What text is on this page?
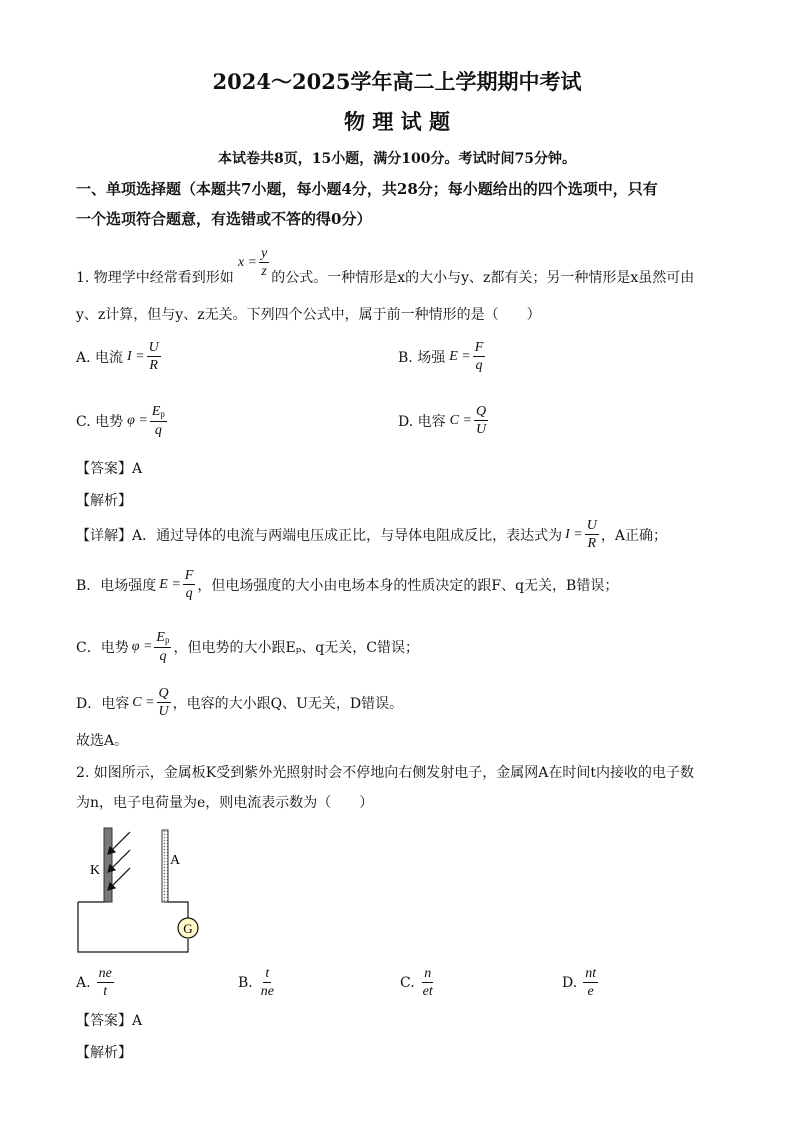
2024～2025学年高二上学期期中考试
物 理 试 题
本试卷共8页，15小题，满分100分。考试时间75分钟。
一、单项选择题（本题共7小题，每小题4分，共28分；每小题给出的四个选项中，只有
一个选项符合题意，有选错或不答的得0分）
1. 物理学中经常看到形如
$x = \frac{y}{z}$ 的公式。一种情形是x的大小与y、z都有关；另一种情形是x虽然可由
y、z计算，但与y、z无关。下列四个公式中，属于前一种情形的是（　　）
A. 电流 $I = \frac{U}{R}$	B. 场强 $E = \frac{F}{q}$
C. 电势 $\varphi = \frac{E_p}{q}$	D. 电容 $C = \frac{Q}{U}$
【答案】A
【解析】
【详解】A．通过导体的电流与两端电压成正比，与导体电阻成反比，表达式为 $I = \frac{U}{R}$ ，A正确；
B．电场强度 $E = \frac{F}{q}$ ，但电场强度的大小由电场本身的性质决定的跟F、q无关，B错误；
C．电势 $\varphi = \frac{E_p}{q}$ ，但电势的大小跟Eₚ、q无关，C错误；
D．电容 $C = \frac{Q}{U}$ ，电容的大小跟Q、U无关，D错误。
故选A。
2. 如图所示，金属板K受到紫外光照射时会不停地向右侧发射电子，金属网A在时间t内接收的电子数
为n，电子电荷量为e，则电流表示数为（　　）
G
K
A
A. $\frac{ne}{t}$	B. $\frac{t}{ne}$	C. $\frac{n}{et}$	D. $\frac{nt}{e}$
【答案】A
【解析】
